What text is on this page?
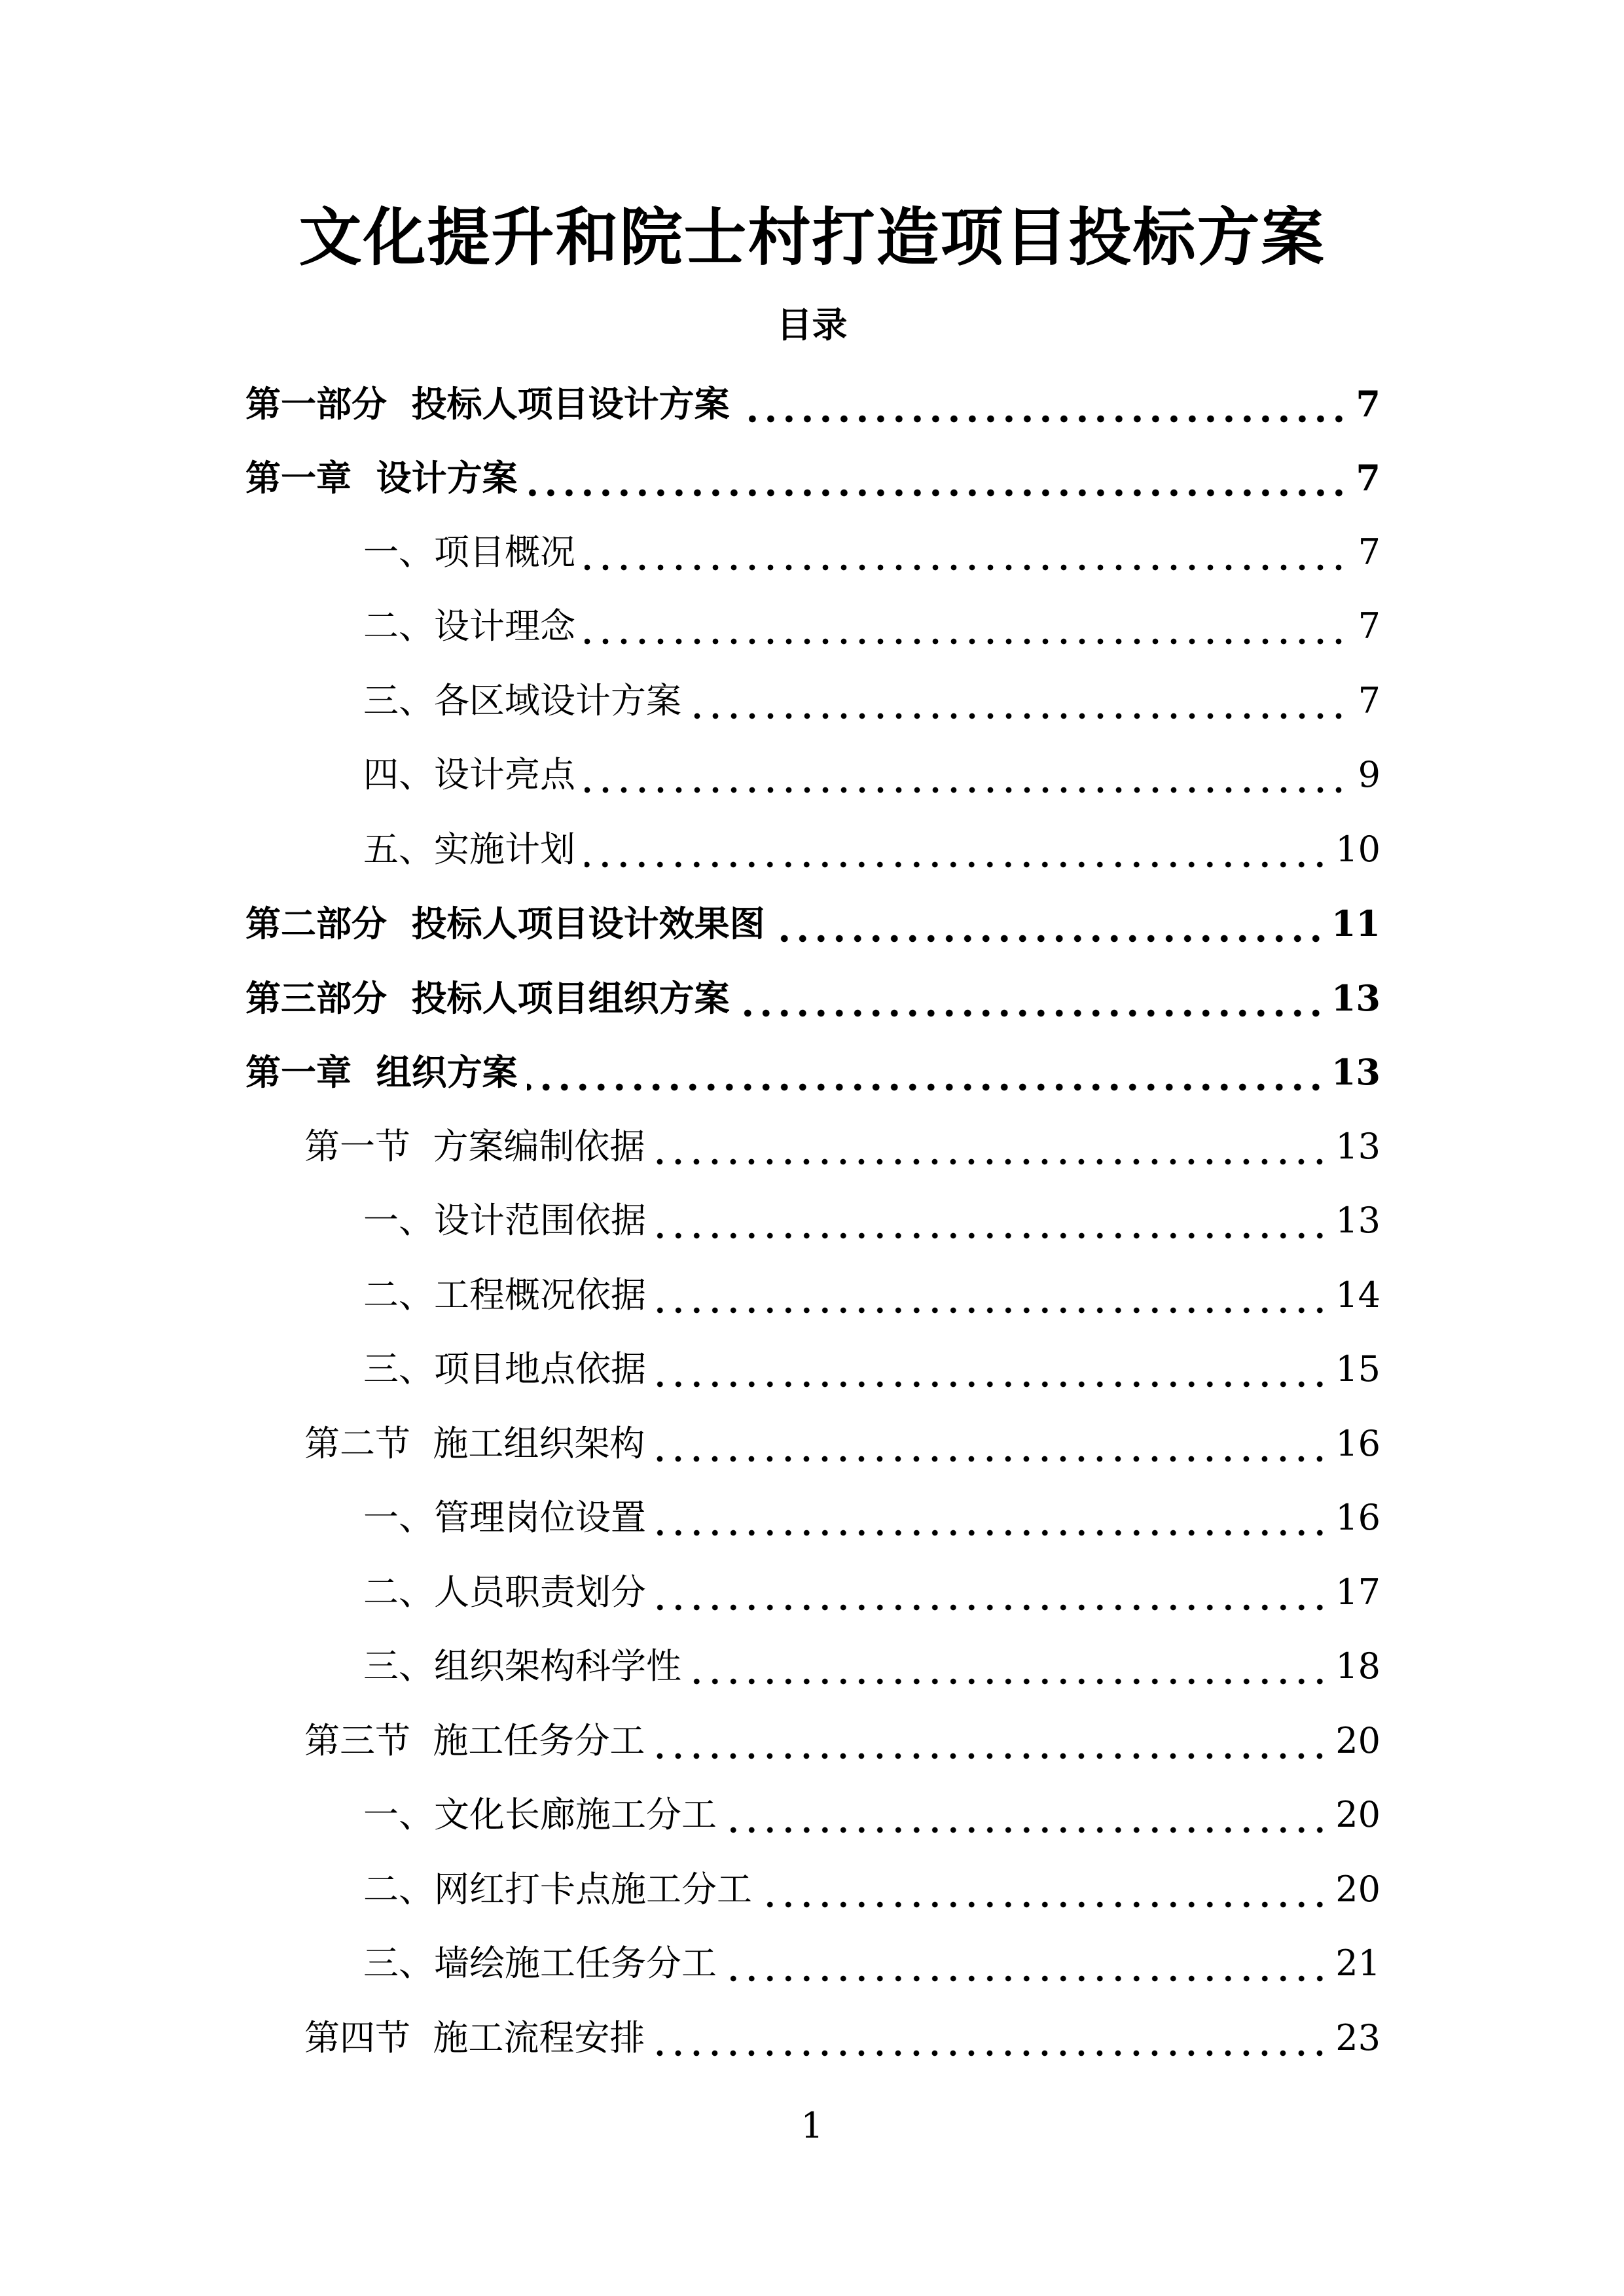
文化提升和院士村打造项目投标方案
目录
第一部分  投标人项目设计方案	7
第一章  设计方案	7
一、项目概况	7
二、设计理念	7
三、各区域设计方案	7
四、设计亮点	9
五、实施计划	10
第二部分  投标人项目设计效果图	11
第三部分  投标人项目组织方案	13
第一章  组织方案	13
第一节  方案编制依据	13
一、设计范围依据	13
二、工程概况依据	14
三、项目地点依据	15
第二节  施工组织架构	16
一、管理岗位设置	16
二、人员职责划分	17
三、组织架构科学性	18
第三节  施工任务分工	20
一、文化长廊施工分工	20
二、网红打卡点施工分工	20
三、墙绘施工任务分工	21
第四节  施工流程安排	23
1
